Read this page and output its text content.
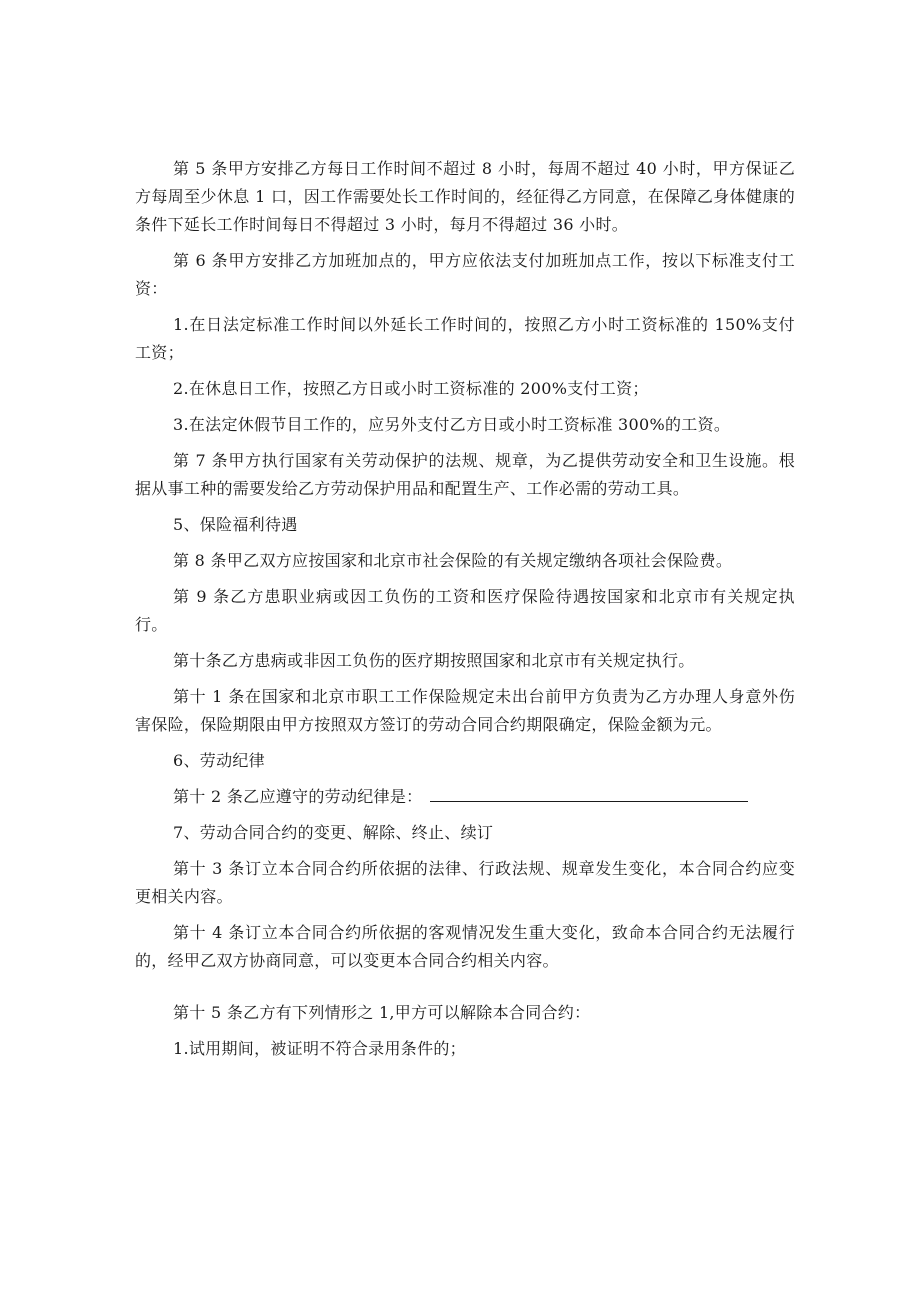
第 5 条甲方安排乙方每日工作时间不超过 8 小时，每周不超过 40 小时，甲方保证乙方每周至少休息 1 口，因工作需要处长工作时间的，经征得乙方同意，在保障乙身体健康的条件下延长工作时间每日不得超过 3 小时，每月不得超过 36 小时。

第 6 条甲方安排乙方加班加点的，甲方应依法支付加班加点工作，按以下标准支付工资：

1.在日法定标准工作时间以外延长工作时间的，按照乙方小时工资标准的 150%支付工资；

2.在休息日工作，按照乙方日或小时工资标准的 200%支付工资；

3.在法定休假节目工作的，应另外支付乙方日或小时工资标准 300%的工资。

第 7 条甲方执行国家有关劳动保护的法规、规章，为乙提供劳动安全和卫生设施。根据从事工种的需要发给乙方劳动保护用品和配置生产、工作必需的劳动工具。

5、保险福利待遇

第 8 条甲乙双方应按国家和北京市社会保险的有关规定缴纳各项社会保险费。

第 9 条乙方患职业病或因工负伤的工资和医疗保险待遇按国家和北京市有关规定执行。

第十条乙方患病或非因工负伤的医疗期按照国家和北京市有关规定执行。

第十 1 条在国家和北京市职工工作保险规定未出台前甲方负责为乙方办理人身意外伤害保险，保险期限由甲方按照双方签订的劳动合同合约期限确定，保险金额为元。

6、劳动纪律

第十 2 条乙应遵守的劳动纪律是：

7、劳动合同合约的变更、解除、终止、续订

第十 3 条订立本合同合约所依据的法律、行政法规、规章发生变化，本合同合约应变更相关内容。

第十 4 条订立本合同合约所依据的客观情况发生重大变化，致命本合同合约无法履行的，经甲乙双方协商同意，可以变更本合同合约相关内容。

第十 5 条乙方有下列情形之 1,甲方可以解除本合同合约：

1.试用期间，被证明不符合录用条件的；
